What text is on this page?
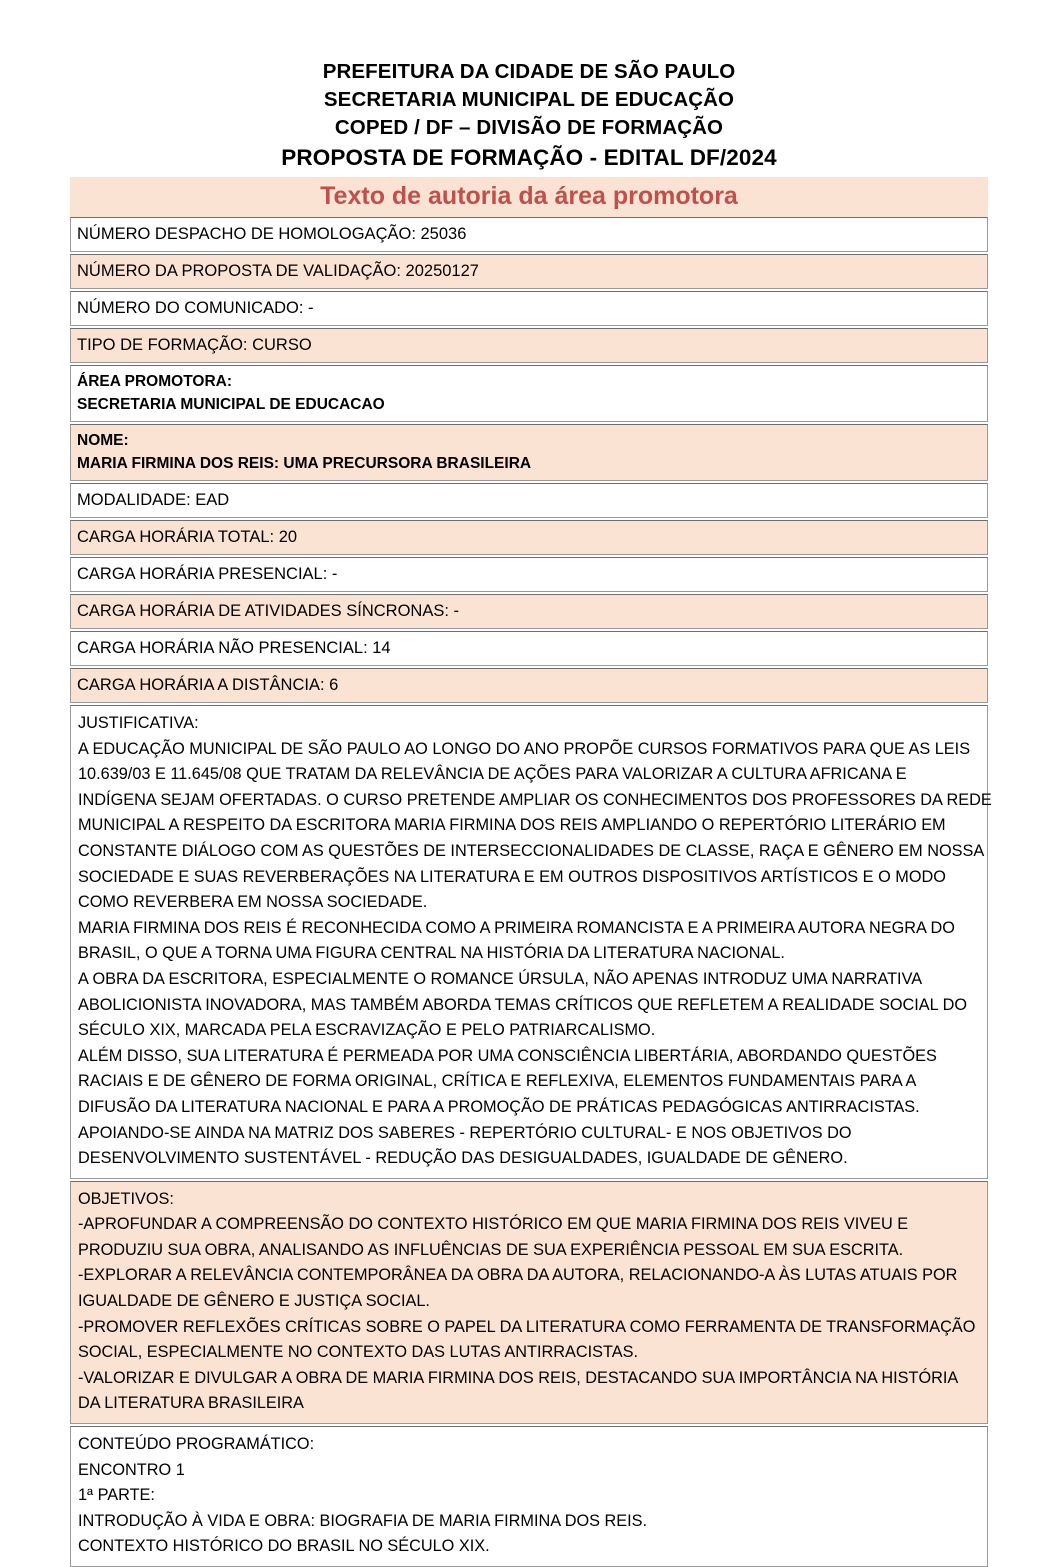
PREFEITURA DA CIDADE DE SÃO PAULO
SECRETARIA MUNICIPAL DE EDUCAÇÃO
COPED / DF – DIVISÃO DE FORMAÇÃO
PROPOSTA DE FORMAÇÃO - EDITAL DF/2024
Texto de autoria da área promotora
NÚMERO DESPACHO DE HOMOLOGAÇÃO: 25036
NÚMERO DA PROPOSTA DE VALIDAÇÃO: 20250127
NÚMERO DO COMUNICADO: -
TIPO DE FORMAÇÃO: CURSO
ÁREA PROMOTORA:
SECRETARIA MUNICIPAL DE EDUCACAO
NOME:
MARIA FIRMINA DOS REIS: UMA PRECURSORA BRASILEIRA
MODALIDADE: EAD
CARGA HORÁRIA TOTAL: 20
CARGA HORÁRIA PRESENCIAL: -
CARGA HORÁRIA DE ATIVIDADES SÍNCRONAS: -
CARGA HORÁRIA NÃO PRESENCIAL: 14
CARGA HORÁRIA A DISTÂNCIA: 6
JUSTIFICATIVA:
A EDUCAÇÃO MUNICIPAL DE SÃO PAULO AO LONGO DO ANO PROPÕE CURSOS FORMATIVOS PARA QUE AS LEIS
10.639/03 E 11.645/08 QUE TRATAM DA RELEVÂNCIA DE AÇÕES PARA VALORIZAR A CULTURA AFRICANA E
INDÍGENA SEJAM OFERTADAS. O CURSO PRETENDE AMPLIAR OS CONHECIMENTOS DOS PROFESSORES DA REDE
MUNICIPAL A RESPEITO DA ESCRITORA MARIA FIRMINA DOS REIS AMPLIANDO O REPERTÓRIO LITERÁRIO EM
CONSTANTE DIÁLOGO COM AS QUESTÕES DE INTERSECCIONALIDADES DE CLASSE, RAÇA E GÊNERO EM NOSSA
SOCIEDADE E SUAS REVERBERAÇÕES NA LITERATURA E EM OUTROS DISPOSITIVOS ARTÍSTICOS E O MODO
COMO REVERBERA EM NOSSA SOCIEDADE.
MARIA FIRMINA DOS REIS É RECONHECIDA COMO A PRIMEIRA ROMANCISTA E A PRIMEIRA AUTORA NEGRA DO
BRASIL, O QUE A TORNA UMA FIGURA CENTRAL NA HISTÓRIA DA LITERATURA NACIONAL.
A OBRA DA ESCRITORA, ESPECIALMENTE O ROMANCE ÚRSULA, NÃO APENAS INTRODUZ UMA NARRATIVA
ABOLICIONISTA INOVADORA, MAS TAMBÉM ABORDA TEMAS CRÍTICOS QUE REFLETEM A REALIDADE SOCIAL DO
SÉCULO XIX, MARCADA PELA ESCRAVIZAÇÃO E PELO PATRIARCALISMO.
ALÉM DISSO, SUA LITERATURA É PERMEADA POR UMA CONSCIÊNCIA LIBERTÁRIA, ABORDANDO QUESTÕES
RACIAIS E DE GÊNERO DE FORMA ORIGINAL, CRÍTICA E REFLEXIVA, ELEMENTOS FUNDAMENTAIS PARA A
DIFUSÃO DA LITERATURA NACIONAL E PARA A PROMOÇÃO DE PRÁTICAS PEDAGÓGICAS ANTIRRACISTAS.
APOIANDO-SE AINDA NA MATRIZ DOS SABERES - REPERTÓRIO CULTURAL- E NOS OBJETIVOS DO
DESENVOLVIMENTO SUSTENTÁVEL - REDUÇÃO DAS DESIGUALDADES, IGUALDADE DE GÊNERO.
OBJETIVOS:
-APROFUNDAR A COMPREENSÃO DO CONTEXTO HISTÓRICO EM QUE MARIA FIRMINA DOS REIS VIVEU E
PRODUZIU SUA OBRA, ANALISANDO AS INFLUÊNCIAS DE SUA EXPERIÊNCIA PESSOAL EM SUA ESCRITA.
-EXPLORAR A RELEVÂNCIA CONTEMPORÂNEA DA OBRA DA AUTORA, RELACIONANDO-A ÀS LUTAS ATUAIS POR
IGUALDADE DE GÊNERO E JUSTIÇA SOCIAL.
-PROMOVER REFLEXÕES CRÍTICAS SOBRE O PAPEL DA LITERATURA COMO FERRAMENTA DE TRANSFORMAÇÃO
SOCIAL, ESPECIALMENTE NO CONTEXTO DAS LUTAS ANTIRRACISTAS.
-VALORIZAR E DIVULGAR A OBRA DE MARIA FIRMINA DOS REIS, DESTACANDO SUA IMPORTÂNCIA NA HISTÓRIA
DA LITERATURA BRASILEIRA
CONTEÚDO PROGRAMÁTICO:
ENCONTRO 1
1ª PARTE:
INTRODUÇÃO À VIDA E OBRA: BIOGRAFIA DE MARIA FIRMINA DOS REIS.
CONTEXTO HISTÓRICO DO BRASIL NO SÉCULO XIX.
